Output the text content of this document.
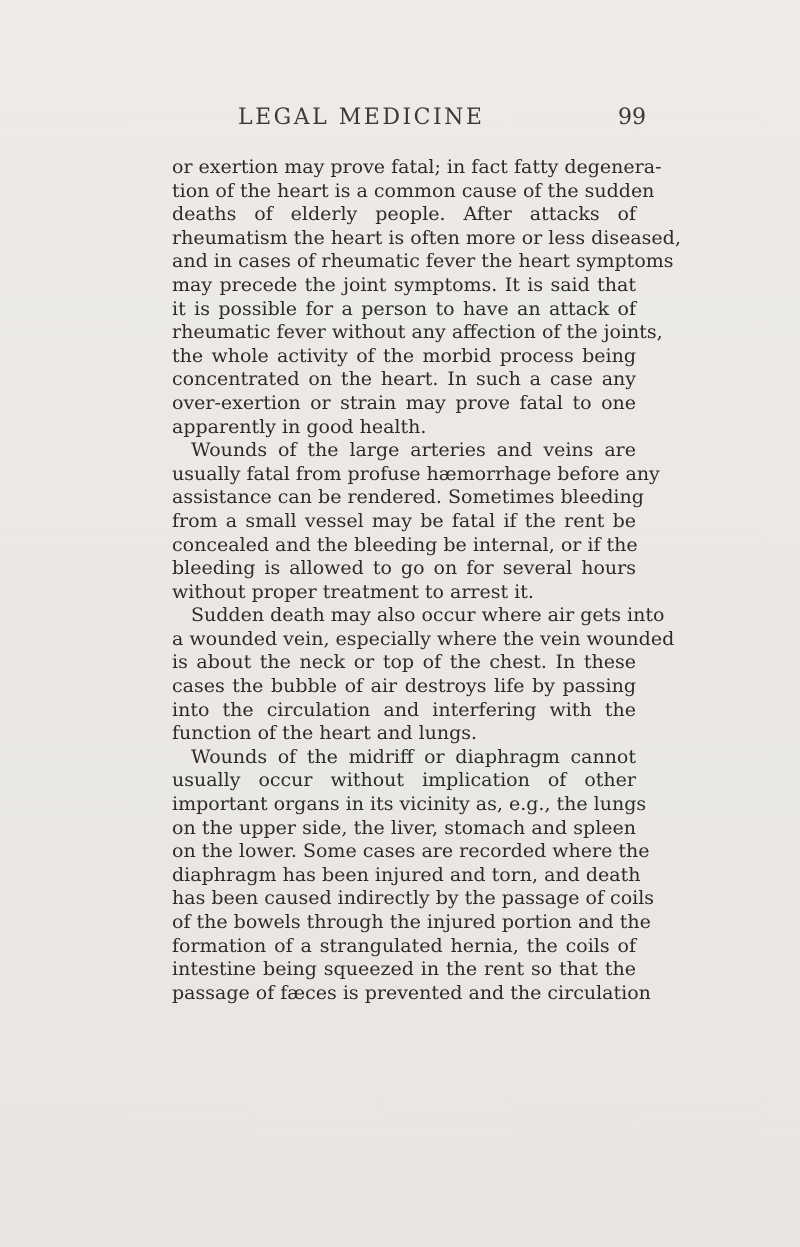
LEGAL MEDICINE	99
or exertion may prove fatal; in fact fatty degenera-
tion of the heart is a common cause of the sudden
deaths of elderly people. After attacks of
rheumatism the heart is often more or less diseased,
and in cases of rheumatic fever the heart symptoms
may precede the joint symptoms. It is said that
it is possible for a person to have an attack of
rheumatic fever without any affection of the joints,
the whole activity of the morbid process being
concentrated on the heart. In such a case any
over-exertion or strain may prove fatal to one
apparently in good health.
Wounds of the large arteries and veins are
usually fatal from profuse hæmorrhage before any
assistance can be rendered. Sometimes bleeding
from a small vessel may be fatal if the rent be
concealed and the bleeding be internal, or if the
bleeding is allowed to go on for several hours
without proper treatment to arrest it.
Sudden death may also occur where air gets into
a wounded vein, especially where the vein wounded
is about the neck or top of the chest. In these
cases the bubble of air destroys life by passing
into the circulation and interfering with the
function of the heart and lungs.
Wounds of the midriff or diaphragm cannot
usually occur without implication of other
important organs in its vicinity as, e.g., the lungs
on the upper side, the liver, stomach and spleen
on the lower. Some cases are recorded where the
diaphragm has been injured and torn, and death
has been caused indirectly by the passage of coils
of the bowels through the injured portion and the
formation of a strangulated hernia, the coils of
intestine being squeezed in the rent so that the
passage of fæces is prevented and the circulation
